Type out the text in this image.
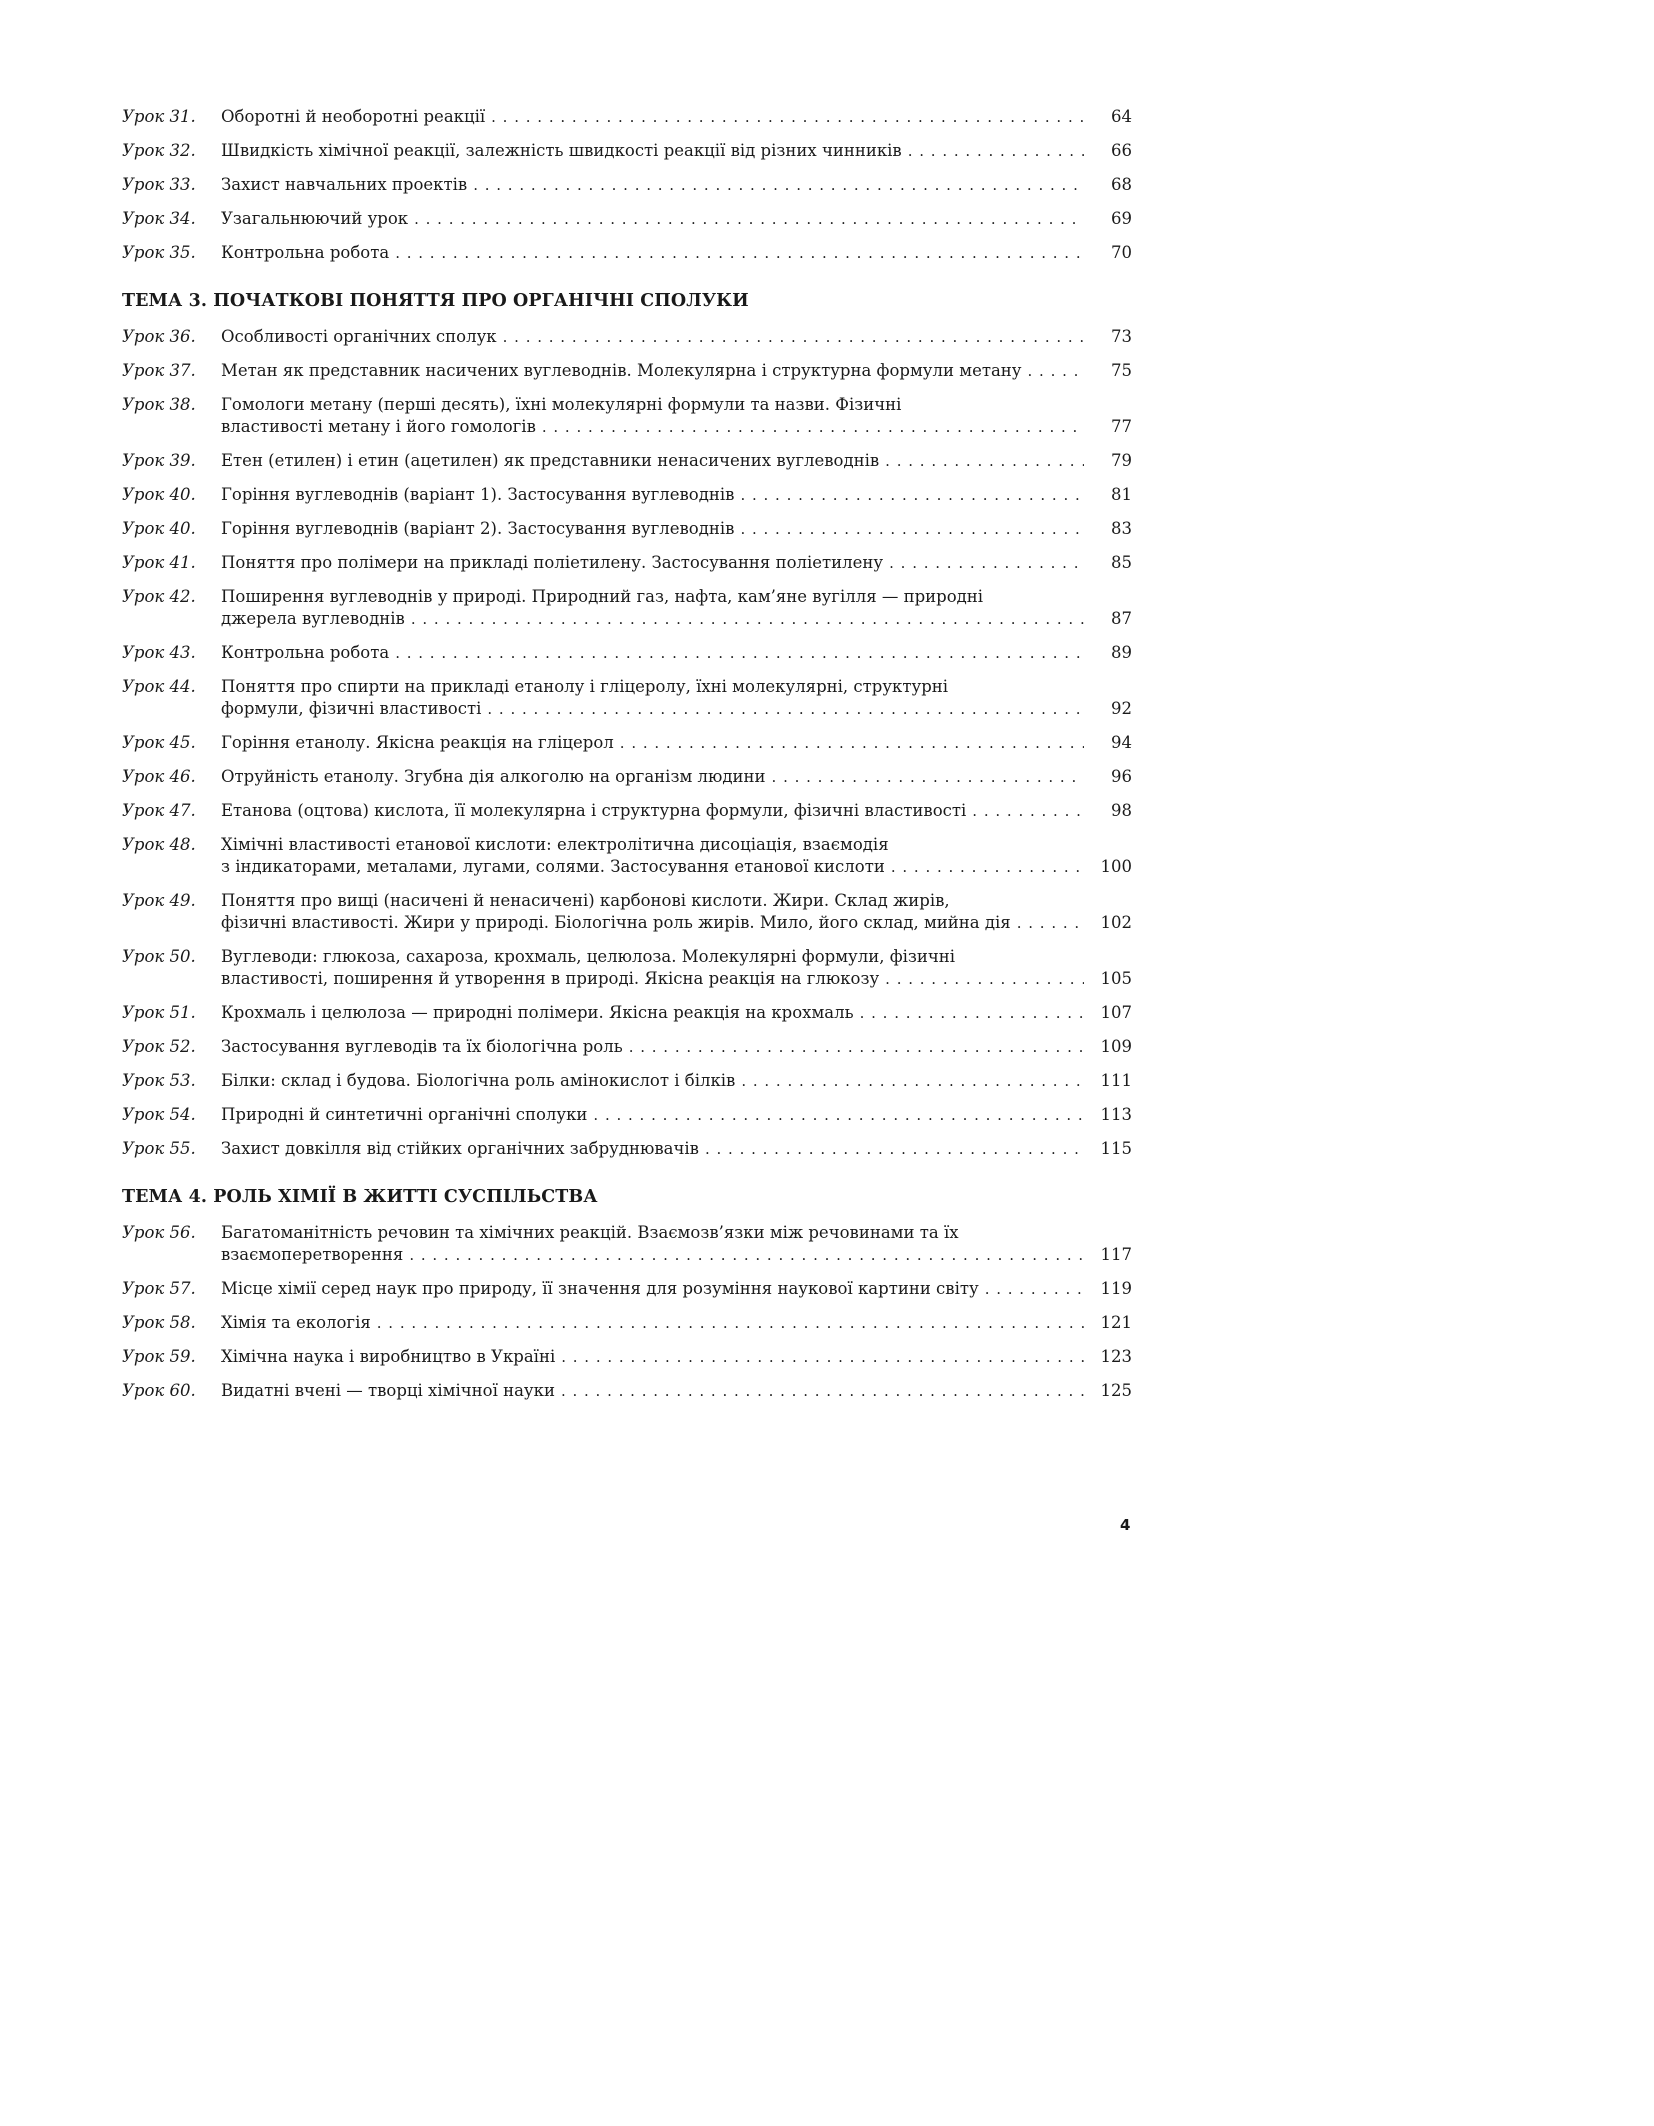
Урок 31.	Оборотні й необоротні реакції . . .	64
Урок 32.	Швидкість хімічної реакції, залежність швидкості реакції від різних чинників . . .	66
Урок 33.	Захист навчальних проектів . . .	68
Урок 34.	Узагальнюючий урок . . .	69
Урок 35.	Контрольна робота . . .	70
ТЕМА 3. ПОЧАТКОВІ ПОНЯТТЯ ПРО ОРГАНІЧНІ СПОЛУКИ
Урок 36.	Особливості органічних сполук . . .	73
Урок 37.	Метан як представник насичених вуглеводнів. Молекулярна і структурна формули метану . . .	75
Урок 38.	Гомологи метану (перші десять), їхні молекулярні формули та назви. Фізичні
властивості метану і його гомологів . . .	77
Урок 39.	Етен (етилен) і етин (ацетилен) як представники ненасичених вуглеводнів . . .	79
Урок 40.	Горіння вуглеводнів (варіант 1). Застосування вуглеводнів . . .	81
Урок 40.	Горіння вуглеводнів (варіант 2). Застосування вуглеводнів . . .	83
Урок 41.	Поняття про полімери на прикладі поліетилену. Застосування поліетилену . . .	85
Урок 42.	Поширення вуглеводнів у природі. Природний газ, нафта, кам’яне вугілля — природні
джерела вуглеводнів . . .	87
Урок 43.	Контрольна робота . . .	89
Урок 44.	Поняття про спирти на прикладі етанолу і гліцеролу, їхні молекулярні, структурні
формули, фізичні властивості . . .	92
Урок 45.	Горіння етанолу. Якісна реакція на гліцерол . . .	94
Урок 46.	Отруйність етанолу. Згубна дія алкоголю на організм людини . . .	96
Урок 47.	Етанова (оцтова) кислота, її молекулярна і структурна формули, фізичні властивості . . .	98
Урок 48.	Хімічні властивості етанової кислоти: електролітична дисоціація, взаємодія
з індикаторами, металами, лугами, солями. Застосування етанової кислоти . . .	100
Урок 49.	Поняття про вищі (насичені й ненасичені) карбонові кислоти. Жири. Склад жирів,
фізичні властивості. Жири у природі. Біологічна роль жирів. Мило, його склад, мийна дія . . .	102
Урок 50.	Вуглеводи: глюкоза, сахароза, крохмаль, целюлоза. Молекулярні формули, фізичні
властивості, поширення й утворення в природі. Якісна реакція на глюкозу . . .	105
Урок 51.	Крохмаль і целюлоза — природні полімери. Якісна реакція на крохмаль . . .	107
Урок 52.	Застосування вуглеводів та їх біологічна роль . . .	109
Урок 53.	Білки: склад і будова. Біологічна роль амінокислот і білків . . .	111
Урок 54.	Природні й синтетичні органічні сполуки . . .	113
Урок 55.	Захист довкілля від стійких органічних забруднювачів . . .	115
ТЕМА 4. РОЛЬ ХІМІЇ В ЖИТТІ СУСПІЛЬСТВА
Урок 56.	Багатоманітність речовин та хімічних реакцій. Взаємозв’язки між речовинами та їх
взаємоперетворення . . .	117
Урок 57.	Місце хімії серед наук про природу, її значення для розуміння наукової картини світу . . .	119
Урок 58.	Хімія та екологія . . .	121
Урок 59.	Хімічна наука і виробництво в Україні . . .	123
Урок 60.	Видатні вчені — творці хімічної науки . . .	125
4
